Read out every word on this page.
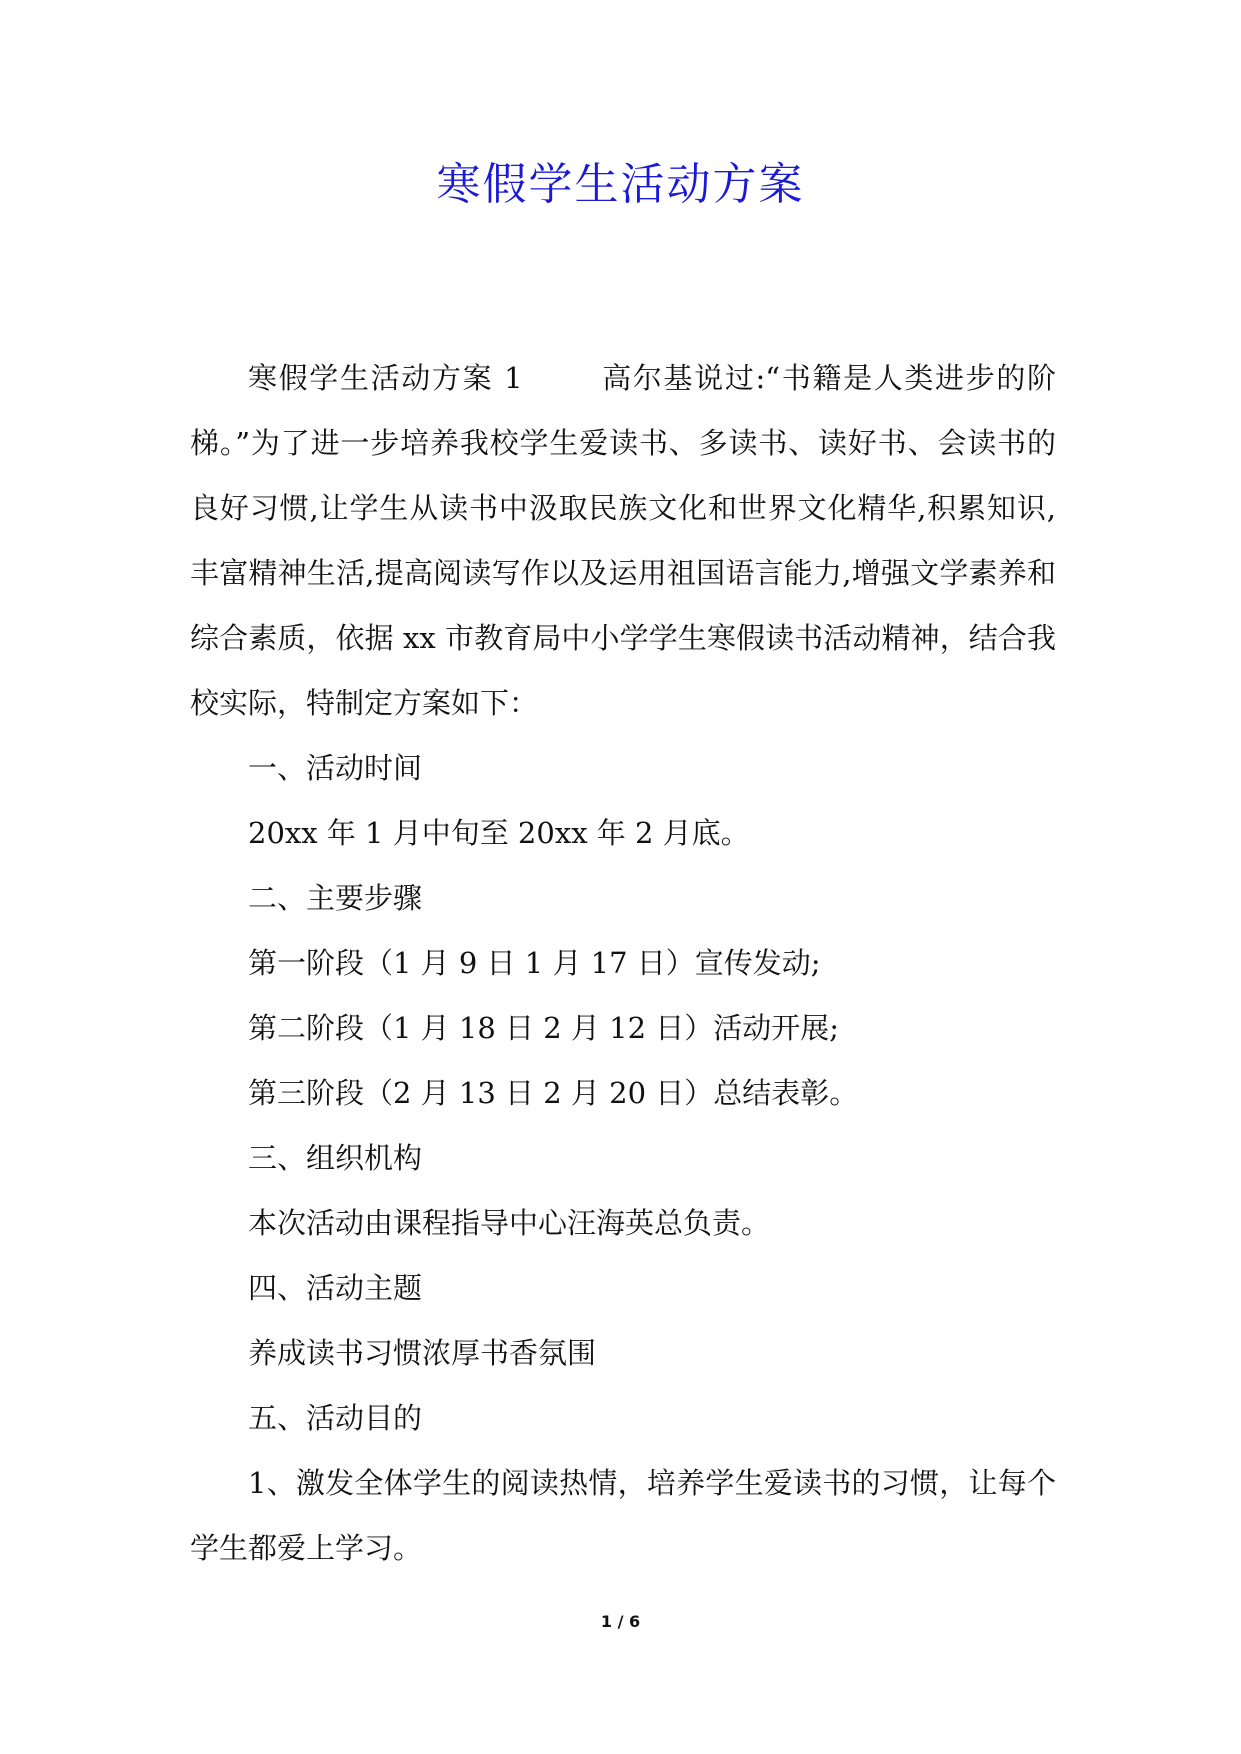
寒假学生活动方案

寒假学生活动方案 1	高尔基说过:“书籍是人类进步的阶梯。”为了进一步培养我校学生爱读书、多读书、读好书、会读书的良好习惯,让学生从读书中汲取民族文化和世界文化精华,积累知识,丰富精神生活,提高阅读写作以及运用祖国语言能力,增强文学素养和综合素质，依据 xx 市教育局中小学学生寒假读书活动精神，结合我校实际，特制定方案如下：

一、活动时间

20xx 年 1 月中旬至 20xx 年 2 月底。

二、主要步骤

第一阶段（1 月 9 日 1 月 17 日）宣传发动;

第二阶段（1 月 18 日 2 月 12 日）活动开展;

第三阶段（2 月 13 日 2 月 20 日）总结表彰。

三、组织机构

本次活动由课程指导中心汪海英总负责。

四、活动主题

养成读书习惯浓厚书香氛围

五、活动目的

1、激发全体学生的阅读热情，培养学生爱读书的习惯，让每个学生都爱上学习。

1 / 6
